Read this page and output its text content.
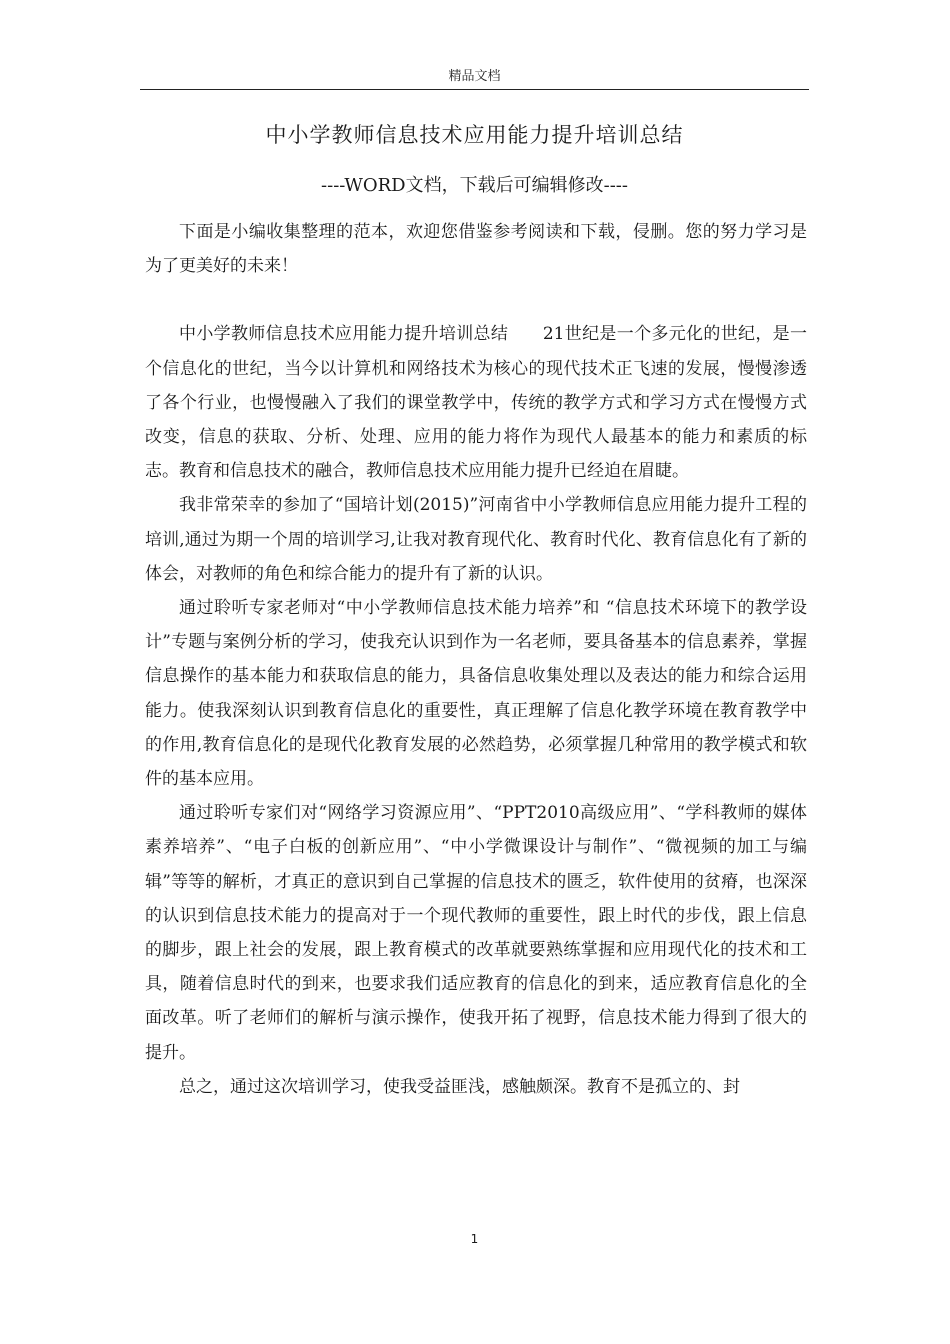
精品文档
中小学教师信息技术应用能力提升培训总结
----WORD文档，下载后可编辑修改----

下面是小编收集整理的范本，欢迎您借鉴参考阅读和下载，侵删。您的努力学习是为了更美好的未来！

中小学教师信息技术应用能力提升培训总结　　21世纪是一个多元化的世纪，是一个信息化的世纪，当今以计算机和网络技术为核心的现代技术正飞速的发展，慢慢渗透了各个行业，也慢慢融入了我们的课堂教学中，传统的教学方式和学习方式在慢慢方式改变，信息的获取、分析、处理、应用的能力将作为现代人最基本的能力和素质的标志。教育和信息技术的融合，教师信息技术应用能力提升已经迫在眉睫。

我非常荣幸的参加了“国培计划(2015)”河南省中小学教师信息应用能力提升工程的培训,通过为期一个周的培训学习,让我对教育现代化、教育时代化、教育信息化有了新的体会，对教师的角色和综合能力的提升有了新的认识。

通过聆听专家老师对“中小学教师信息技术能力培养”和 “信息技术环境下的教学设计”专题与案例分析的学习，使我充认识到作为一名老师，要具备基本的信息素养，掌握信息操作的基本能力和获取信息的能力，具备信息收集处理以及表达的能力和综合运用能力。使我深刻认识到教育信息化的重要性，真正理解了信息化教学环境在教育教学中的作用,教育信息化的是现代化教育发展的必然趋势，必须掌握几种常用的教学模式和软件的基本应用。

通过聆听专家们对“网络学习资源应用”、“PPT2010高级应用”、“学科教师的媒体素养培养”、“电子白板的创新应用”、“中小学微课设计与制作”、“微视频的加工与编辑”等等的解析，才真正的意识到自己掌握的信息技术的匮乏，软件使用的贫瘠，也深深的认识到信息技术能力的提高对于一个现代教师的重要性，跟上时代的步伐，跟上信息的脚步，跟上社会的发展，跟上教育模式的改革就要熟练掌握和应用现代化的技术和工具，随着信息时代的到来，也要求我们适应教育的信息化的到来，适应教育信息化的全面改革。听了老师们的解析与演示操作，使我开拓了视野，信息技术能力得到了很大的提升。

总之，通过这次培训学习，使我受益匪浅，感触颇深。教育不是孤立的、封

1
